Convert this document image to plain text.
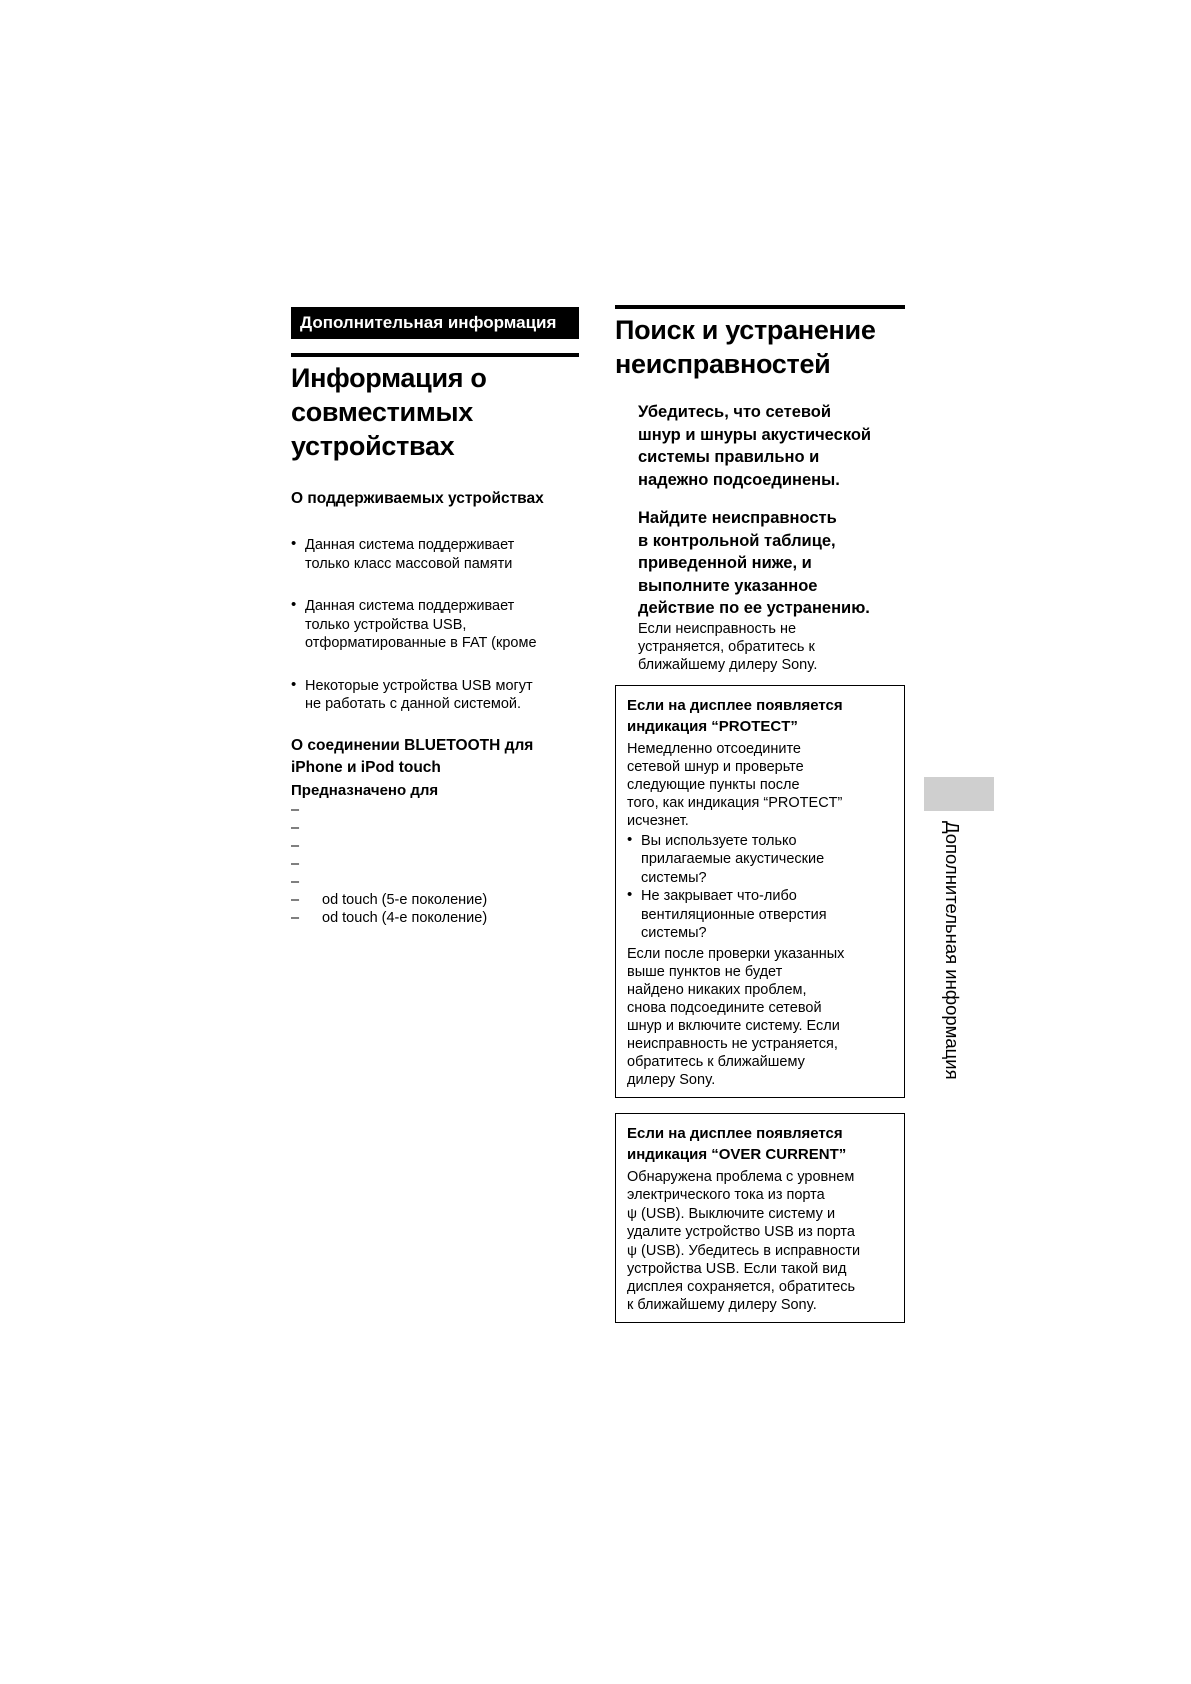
Дополнительная информация
Информация о
совместимых
устройствах
О поддерживаемых устройствах
• Данная система поддерживает
только класс массовой памяти
• Данная система поддерживает
только устройства USB,
отформатированные в FAT (кроме
• Некоторые устройства USB могут
не работать с данной системой.
О соединении BLUETOOTH для
iPhone и iPod touch
Предназначено для
–
–
–
–
–
– od touch (5-е поколение)
– od touch (4-е поколение)
Поиск и устранение
неисправностей

Убедитесь, что сетевой
шнур и шнуры акустической
системы правильно и
надежно подсоединены.

Найдите неисправность
в контрольной таблице,
приведенной ниже, и
выполните указанное
действие по ее устранению.

Если неисправность не
устраняется, обратитесь к
ближайшему дилеру Sony.

Если на дисплее появляется
индикация “PROTECT”

Немедленно отсоедините
сетевой шнур и проверьте
следующие пункты после
того, как индикация “PROTECT”
исчезнет.

• Вы используете только
прилагаемые акустические
системы?
• Не закрывает что-либо
вентиляционные отверстия
системы?

Если после проверки указанных
выше пунктов не будет
найдено никаких проблем,
снова подсоедините сетевой
шнур и включите систему. Если
неисправность не устраняется,
обратитесь к ближайшему
дилеру Sony.

Если на дисплее появляется
индикация “OVER CURRENT”

Обнаружена проблема с уровнем
электрического тока из порта
ψ (USB). Выключите систему и
удалите устройство USB из порта
ψ (USB). Убедитесь в исправности
устройства USB. Если такой вид
дисплея сохраняется, обратитесь
к ближайшему дилеру Sony.

Дополнительная информация
